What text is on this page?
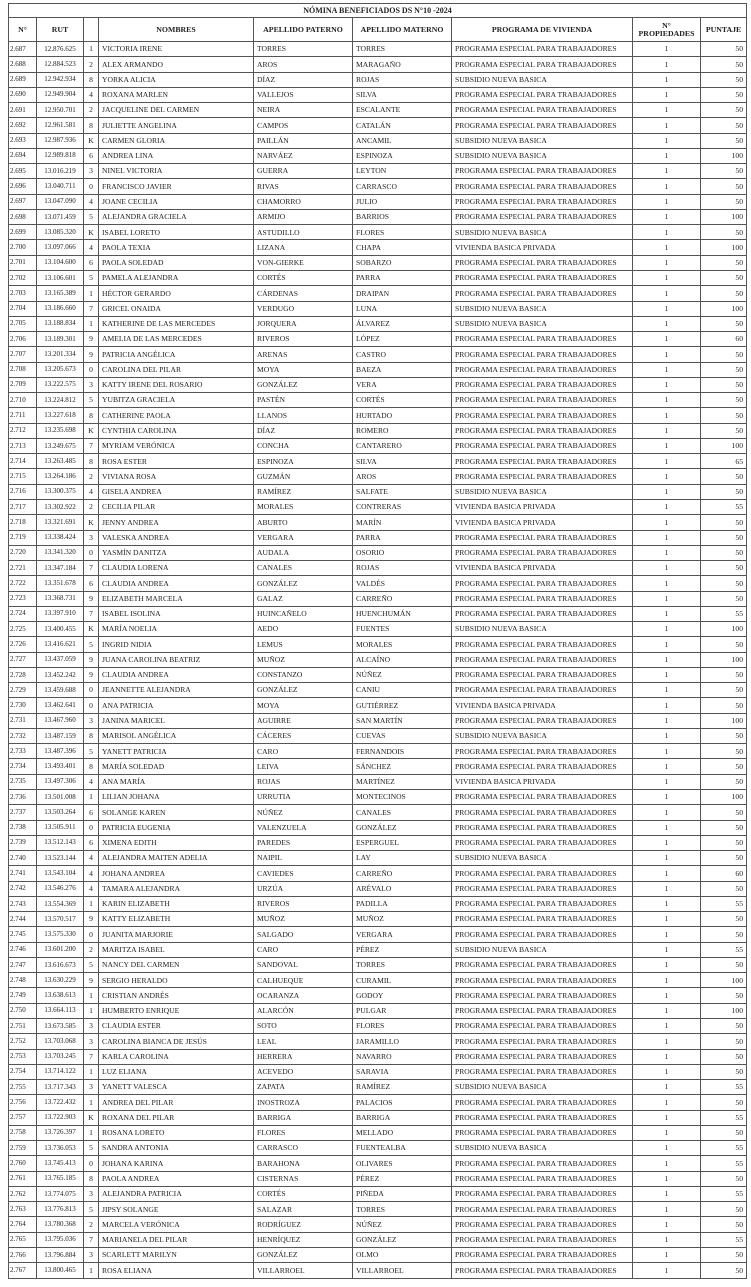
NÓMINA BENEFICIADOS DS N°10 -2024								
N°	RUT		NOMBRES	APELLIDO PATERNO	APELLIDO MATERNO	PROGRAMA DE VIVIENDA	N° PROPIEDADES	PUNTAJE
2.687	12.876.625	1	VICTORIA IRENE	TORRES	TORRES	PROGRAMA ESPECIAL PARA TRABAJADORES	1	50
2.688	12.884.523	2	ALEX ARMANDO	AROS	MARAGAÑO	PROGRAMA ESPECIAL PARA TRABAJADORES	1	50
2.689	12.942.934	8	YORKA ALICIA	DÍAZ	ROJAS	SUBSIDIO NUEVA BASICA	1	50
2.690	12.949.904	4	ROXANA MARLEN	VALLEJOS	SILVA	PROGRAMA ESPECIAL PARA TRABAJADORES	1	50
2.691	12.950.701	2	JACQUELINE DEL CARMEN	NEIRA	ESCALANTE	PROGRAMA ESPECIAL PARA TRABAJADORES	1	50
2.692	12.961.581	8	JULIETTE ANGELINA	CAMPOS	CATALÁN	PROGRAMA ESPECIAL PARA TRABAJADORES	1	50
2.693	12.987.936	K	CARMEN GLORIA	PAILLÁN	ANCAMIL	SUBSIDIO NUEVA BASICA	1	50
2.694	12.989.818	6	ANDREA LINA	NARVÁEZ	ESPINOZA	SUBSIDIO NUEVA BASICA	1	100
2.695	13.016.219	3	NINEL VICTORIA	GUERRA	LEYTON	PROGRAMA ESPECIAL PARA TRABAJADORES	1	50
2.696	13.040.711	0	FRANCISCO JAVIER	RIVAS	CARRASCO	PROGRAMA ESPECIAL PARA TRABAJADORES	1	50
2.697	13.047.090	4	JOANE CECILIA	CHAMORRO	JULIO	PROGRAMA ESPECIAL PARA TRABAJADORES	1	50
2.698	13.071.459	5	ALEJANDRA GRACIELA	ARMIJO	BARRIOS	PROGRAMA ESPECIAL PARA TRABAJADORES	1	100
2.699	13.085.320	K	ISABEL LORETO	ASTUDILLO	FLORES	SUBSIDIO NUEVA BASICA	1	50
2.700	13.097.066	4	PAOLA TEXIA	LIZANA	CHAPA	VIVIENDA BASICA PRIVADA	1	100
2.701	13.104.600	6	PAOLA SOLEDAD	VON-GIERKE	SOBARZO	PROGRAMA ESPECIAL PARA TRABAJADORES	1	50
2.702	13.106.601	5	PAMELA ALEJANDRA	CORTÉS	PARRA	PROGRAMA ESPECIAL PARA TRABAJADORES	1	50
2.703	13.165.389	1	HÉCTOR GERARDO	CÁRDENAS	DRAIPAN	PROGRAMA ESPECIAL PARA TRABAJADORES	1	50
2.704	13.186.660	7	GRICEL ONAIDA	VERDUGO	LUNA	SUBSIDIO NUEVA BASICA	1	100
2.705	13.188.834	1	KATHERINE DE LAS MERCEDES	JORQUERA	ÁLVAREZ	SUBSIDIO NUEVA BASICA	1	50
2.706	13.189.301	9	AMELIA DE LAS MERCEDES	RIVEROS	LÓPEZ	PROGRAMA ESPECIAL PARA TRABAJADORES	1	60
2.707	13.201.334	9	PATRICIA ANGÉLICA	ARENAS	CASTRO	PROGRAMA ESPECIAL PARA TRABAJADORES	1	50
2.708	13.205.673	0	CAROLINA DEL PILAR	MOYA	BAEZA	PROGRAMA ESPECIAL PARA TRABAJADORES	1	50
2.709	13.222.575	3	KATTY IRENE DEL ROSARIO	GONZÁLEZ	VERA	PROGRAMA ESPECIAL PARA TRABAJADORES	1	50
2.710	13.224.812	5	YUBITZA GRACIELA	PASTÉN	CORTÉS	PROGRAMA ESPECIAL PARA TRABAJADORES	1	50
2.711	13.227.618	8	CATHERINE PAOLA	LLANOS	HURTADO	PROGRAMA ESPECIAL PARA TRABAJADORES	1	50
2.712	13.235.698	K	CYNTHIA CAROLINA	DÍAZ	ROMERO	PROGRAMA ESPECIAL PARA TRABAJADORES	1	50
2.713	13.249.675	7	MYRIAM VERÓNICA	CONCHA	CANTARERO	PROGRAMA ESPECIAL PARA TRABAJADORES	1	100
2.714	13.263.485	8	ROSA ESTER	ESPINOZA	SILVA	PROGRAMA ESPECIAL PARA TRABAJADORES	1	65
2.715	13.264.186	2	VIVIANA ROSA	GUZMÁN	AROS	PROGRAMA ESPECIAL PARA TRABAJADORES	1	50
2.716	13.300.375	4	GISELA ANDREA	RAMÍREZ	SALFATE	SUBSIDIO NUEVA BASICA	1	50
2.717	13.302.922	2	CECILIA PILAR	MORALES	CONTRERAS	VIVIENDA BASICA PRIVADA	1	55
2.718	13.321.691	K	JENNY ANDREA	ABURTO	MARÍN	VIVIENDA BASICA PRIVADA	1	50
2.719	13.338.424	3	VALESKA ANDREA	VERGARA	PARRA	PROGRAMA ESPECIAL PARA TRABAJADORES	1	50
2.720	13.341.320	0	YASMÍN DANITZA	AUDALA	OSORIO	PROGRAMA ESPECIAL PARA TRABAJADORES	1	50
2.721	13.347.184	7	CLAUDIA LORENA	CANALES	ROJAS	VIVIENDA BASICA PRIVADA	1	50
2.722	13.351.678	6	CLAUDIA ANDREA	GONZÁLEZ	VALDÉS	PROGRAMA ESPECIAL PARA TRABAJADORES	1	50
2.723	13.368.731	9	ELIZABETH MARCELA	GALAZ	CARREÑO	PROGRAMA ESPECIAL PARA TRABAJADORES	1	50
2.724	13.397.910	7	ISABEL ISOLINA	HUINCAÑELO	HUENCHUMÁN	PROGRAMA ESPECIAL PARA TRABAJADORES	1	55
2.725	13.400.455	K	MARÍA NOELIA	AEDO	FUENTES	SUBSIDIO NUEVA BASICA	1	100
2.726	13.416.621	5	INGRID NIDIA	LEMUS	MORALES	PROGRAMA ESPECIAL PARA TRABAJADORES	1	50
2.727	13.437.059	9	JUANA CAROLINA BEATRIZ	MUÑOZ	ALCAÍNO	PROGRAMA ESPECIAL PARA TRABAJADORES	1	100
2.728	13.452.242	9	CLAUDIA ANDREA	CONSTANZO	NÚÑEZ	PROGRAMA ESPECIAL PARA TRABAJADORES	1	50
2.729	13.459.688	0	JEANNETTE ALEJANDRA	GONZÁLEZ	CANIU	PROGRAMA ESPECIAL PARA TRABAJADORES	1	50
2.730	13.462.641	0	ANA PATRICIA	MOYA	GUTIÉRREZ	VIVIENDA BASICA PRIVADA	1	50
2.731	13.467.960	3	JANINA MARICEL	AGUIRRE	SAN MARTÍN	PROGRAMA ESPECIAL PARA TRABAJADORES	1	100
2.732	13.487.159	8	MARISOL ANGÉLICA	CÁCERES	CUEVAS	SUBSIDIO NUEVA BASICA	1	50
2.733	13.487.396	5	YANETT PATRICIA	CARO	FERNANDOIS	PROGRAMA ESPECIAL PARA TRABAJADORES	1	50
2.734	13.493.401	8	MARÍA SOLEDAD	LEIVA	SÁNCHEZ	PROGRAMA ESPECIAL PARA TRABAJADORES	1	50
2.735	13.497.306	4	ANA MARÍA	ROJAS	MARTÍNEZ	VIVIENDA BASICA PRIVADA	1	50
2.736	13.501.008	1	LILIAN JOHANA	URRUTIA	MONTECINOS	PROGRAMA ESPECIAL PARA TRABAJADORES	1	100
2.737	13.503.264	6	SOLANGE KAREN	NÚÑEZ	CANALES	PROGRAMA ESPECIAL PARA TRABAJADORES	1	50
2.738	13.505.911	0	PATRICIA EUGENIA	VALENZUELA	GONZÁLEZ	PROGRAMA ESPECIAL PARA TRABAJADORES	1	50
2.739	13.512.143	6	XIMENA EDITH	PAREDES	ESPERGUEL	PROGRAMA ESPECIAL PARA TRABAJADORES	1	50
2.740	13.523.144	4	ALEJANDRA MAITEN ADELIA	NAIPIL	LAY	SUBSIDIO NUEVA BASICA	1	50
2.741	13.543.104	4	JOHANA ANDREA	CAVIEDES	CARREÑO	PROGRAMA ESPECIAL PARA TRABAJADORES	1	60
2.742	13.546.276	4	TAMARA ALEJANDRA	URZÚA	ARÉVALO	PROGRAMA ESPECIAL PARA TRABAJADORES	1	50
2.743	13.554.369	1	KARIN ELIZABETH	RIVEROS	PADILLA	PROGRAMA ESPECIAL PARA TRABAJADORES	1	55
2.744	13.570.517	9	KATTY ELIZABETH	MUÑOZ	MUÑOZ	PROGRAMA ESPECIAL PARA TRABAJADORES	1	50
2.745	13.575.330	0	JUANITA MARJORIE	SALGADO	VERGARA	PROGRAMA ESPECIAL PARA TRABAJADORES	1	50
2.746	13.601.200	2	MARITZA ISABEL	CARO	PÉREZ	SUBSIDIO NUEVA BASICA	1	55
2.747	13.616.673	5	NANCY DEL CARMEN	SANDOVAL	TORRES	PROGRAMA ESPECIAL PARA TRABAJADORES	1	50
2.748	13.630.229	9	SERGIO HERALDO	CALHUEQUE	CURAMIL	PROGRAMA ESPECIAL PARA TRABAJADORES	1	100
2.749	13.638.613	1	CRISTIAN ANDRÉS	OCARANZA	GODOY	PROGRAMA ESPECIAL PARA TRABAJADORES	1	50
2.750	13.664.113	1	HUMBERTO ENRIQUE	ALARCÓN	PULGAR	PROGRAMA ESPECIAL PARA TRABAJADORES	1	100
2.751	13.673.585	3	CLAUDIA ESTER	SOTO	FLORES	PROGRAMA ESPECIAL PARA TRABAJADORES	1	50
2.752	13.703.068	3	CAROLINA BIANCA DE JESÚS	LEAL	JARAMILLO	PROGRAMA ESPECIAL PARA TRABAJADORES	1	50
2.753	13.703.245	7	KARLA CAROLINA	HERRERA	NAVARRO	PROGRAMA ESPECIAL PARA TRABAJADORES	1	50
2.754	13.714.122	1	LUZ ELIANA	ACEVEDO	SARAVIA	PROGRAMA ESPECIAL PARA TRABAJADORES	1	50
2.755	13.717.343	3	YANETT VALESCA	ZAPATA	RAMÍREZ	SUBSIDIO NUEVA BASICA	1	55
2.756	13.722.432	1	ANDREA DEL PILAR	INOSTROZA	PALACIOS	PROGRAMA ESPECIAL PARA TRABAJADORES	1	50
2.757	13.722.903	K	ROXANA DEL PILAR	BARRIGA	BARRIGA	PROGRAMA ESPECIAL PARA TRABAJADORES	1	55
2.758	13.726.397	1	ROSANA LORETO	FLORES	MELLADO	PROGRAMA ESPECIAL PARA TRABAJADORES	1	50
2.759	13.736.053	5	SANDRA ANTONIA	CARRASCO	FUENTEALBA	SUBSIDIO NUEVA BASICA	1	55
2.760	13.745.413	0	JOHANA KARINA	BARAHONA	OLIVARES	PROGRAMA ESPECIAL PARA TRABAJADORES	1	55
2.761	13.765.185	8	PAOLA ANDREA	CISTERNAS	PÉREZ	PROGRAMA ESPECIAL PARA TRABAJADORES	1	50
2.762	13.774.075	3	ALEJANDRA PATRICIA	CORTÉS	PIÑEDA	PROGRAMA ESPECIAL PARA TRABAJADORES	1	55
2.763	13.776.813	5	JIPSY SOLANGE	SALAZAR	TORRES	PROGRAMA ESPECIAL PARA TRABAJADORES	1	50
2.764	13.780.368	2	MARCELA VERÓNICA	RODRÍGUEZ	NÚÑEZ	PROGRAMA ESPECIAL PARA TRABAJADORES	1	50
2.765	13.795.036	7	MARIANELA DEL PILAR	HENRÍQUEZ	GONZÁLEZ	PROGRAMA ESPECIAL PARA TRABAJADORES	1	55
2.766	13.796.884	3	SCARLETT MARILYN	GONZÁLEZ	OLMO	PROGRAMA ESPECIAL PARA TRABAJADORES	1	50
2.767	13.800.465	1	ROSA ELIANA	VILLARROEL	VILLARROEL	PROGRAMA ESPECIAL PARA TRABAJADORES	1	50
